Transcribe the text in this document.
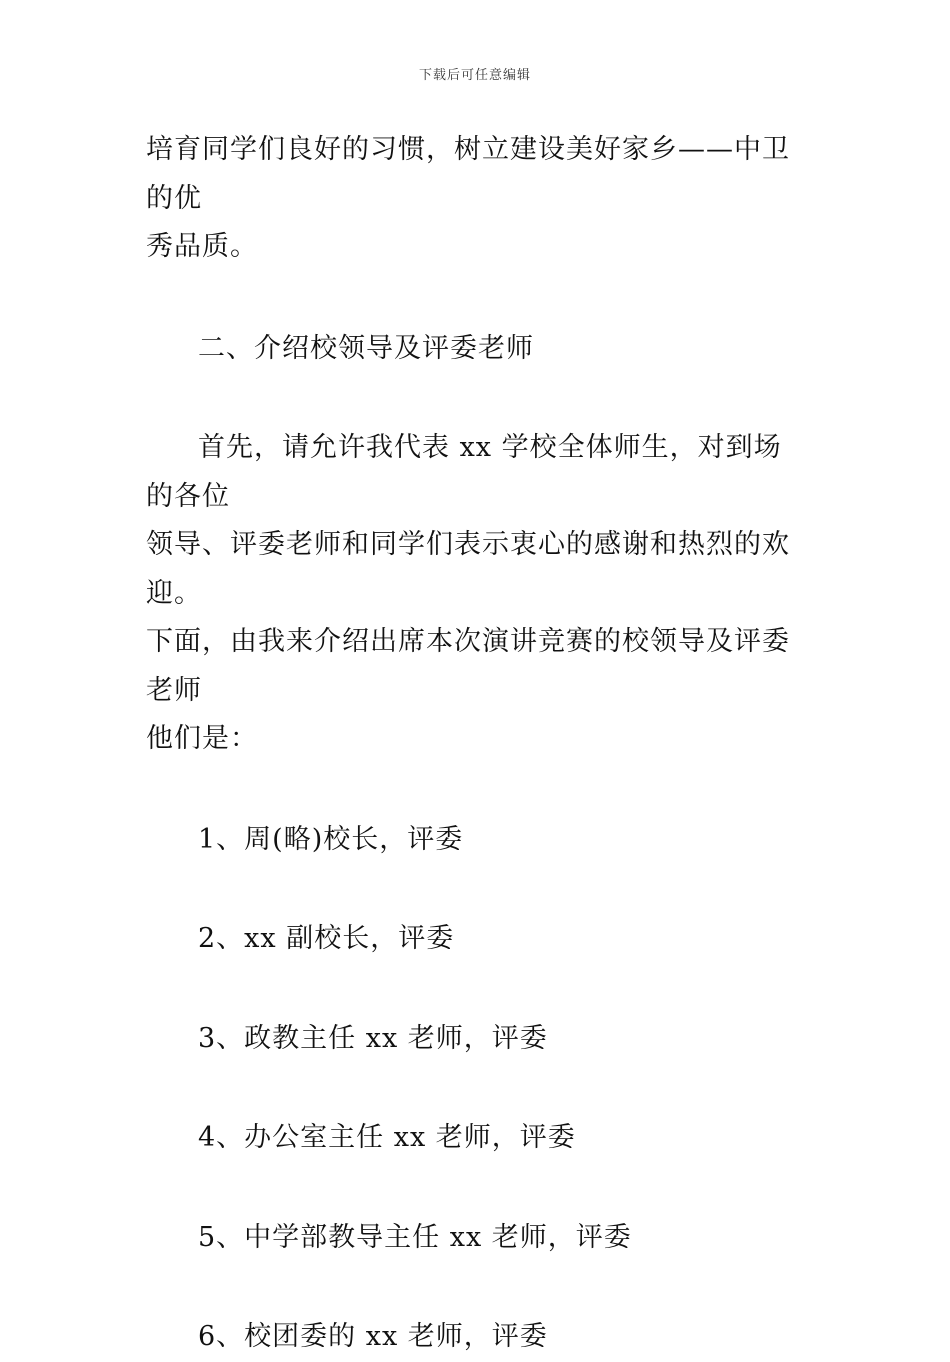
下载后可任意编辑

培育同学们良好的习惯，树立建设美好家乡——中卫的优

秀品质。

二、介绍校领导及评委老师

首先，请允许我代表 xx 学校全体师生，对到场的各位

领导、评委老师和同学们表示衷心的感谢和热烈的欢迎。

下面，由我来介绍出席本次演讲竞赛的校领导及评委老师

他们是：

1、周(略)校长，评委

2、xx 副校长，评委

3、政教主任 xx 老师，评委

4、办公室主任 xx 老师，评委

5、中学部教导主任 xx 老师，评委

6、校团委的 xx 老师，评委
